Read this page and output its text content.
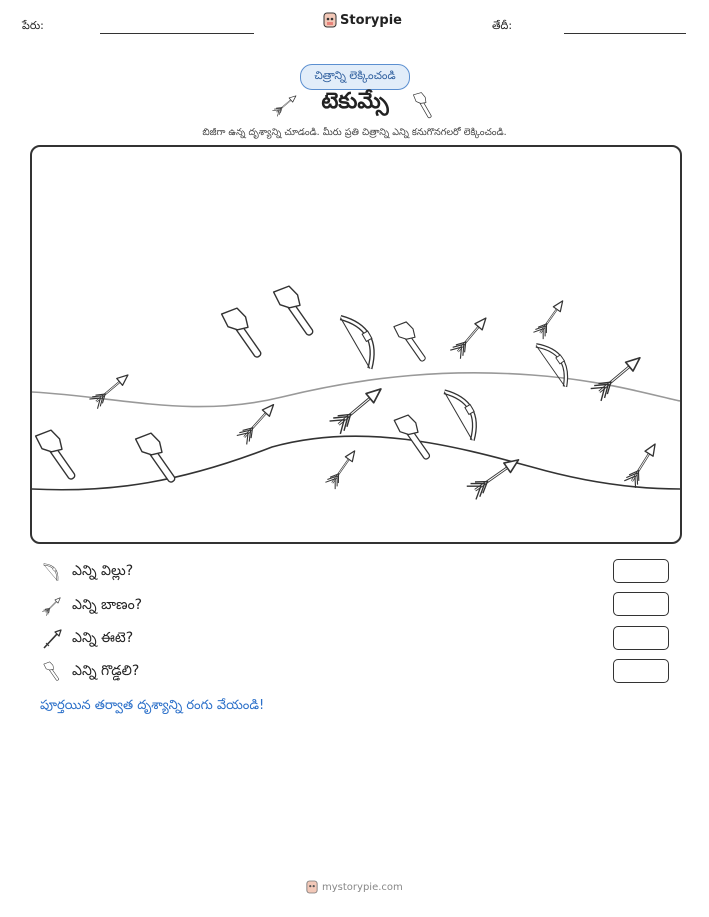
పేరు:	Storypie	తేదీ:
చిత్రాన్ని లెక్కించండి
టెకుమ్సే
బిజీగా ఉన్న దృశ్యాన్ని చూడండి. మీరు ప్రతి చిత్రాన్ని ఎన్ని కనుగొనగలరో లెక్కించండి.
ఎన్ని విల్లు?
ఎన్ని బాణం?
ఎన్ని ఈటె?
ఎన్ని గొడ్డలి?
పూర్తయిన తర్వాత దృశ్యాన్ని రంగు వేయండి!
mystorypie.com
